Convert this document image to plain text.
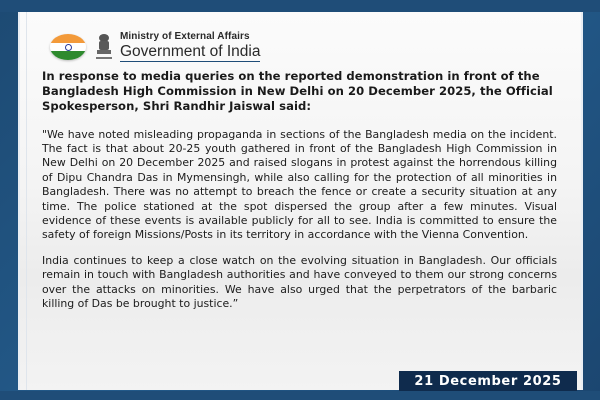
Ministry of External Affairs
Government of India

In response to media queries on the reported demonstration in front of the Bangladesh High Commission in New Delhi on 20 December 2025, the Official Spokesperson, Shri Randhir Jaiswal said:

"We have noted misleading propaganda in sections of the Bangladesh media on the incident. The fact is that about 20-25 youth gathered in front of the Bangladesh High Commission in New Delhi on 20 December 2025 and raised slogans in protest against the horrendous killing of Dipu Chandra Das in Mymensingh, while also calling for the protection of all minorities in Bangladesh. There was no attempt to breach the fence or create a security situation at any time. The police stationed at the spot dispersed the group after a few minutes. Visual evidence of these events is available publicly for all to see. India is committed to ensure the safety of foreign Missions/Posts in its territory in accordance with the Vienna Convention.

India continues to keep a close watch on the evolving situation in Bangladesh. Our officials remain in touch with Bangladesh authorities and have conveyed to them our strong concerns over the attacks on minorities. We have also urged that the perpetrators of the barbaric killing of Das be brought to justice.”

21 December 2025
